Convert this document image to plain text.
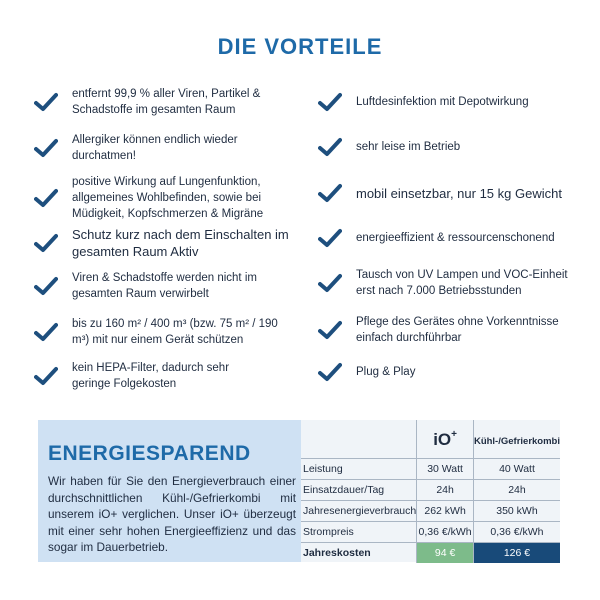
DIE VORTEILE
entfernt 99,9 % aller Viren, Partikel & Schadstoffe im gesamten Raum
Allergiker können endlich wieder durchatmen!
positive Wirkung auf Lungenfunktion, allgemeines Wohlbefinden, sowie bei Müdigkeit, Kopfschmerzen & Migräne
Schutz kurz nach dem Einschalten im gesamten Raum Aktiv
Viren & Schadstoffe werden nicht im gesamten Raum verwirbelt
bis zu 160 m² / 400 m³ (bzw. 75 m² / 190 m³) mit nur einem Gerät schützen
kein HEPA-Filter, dadurch sehr geringe Folgekosten
Luftdesinfektion mit Depotwirkung
sehr leise im Betrieb
mobil einsetzbar, nur 15 kg Gewicht
energieeffizient & ressourcenschonend
Tausch von UV Lampen und VOC-Einheit erst nach 7.000 Betriebsstunden
Pflege des Gerätes ohne Vorkenntnisse einfach durchführbar
Plug & Play
ENERGIESPAREND

Wir haben für Sie den Energieverbrauch einer durchschnittlichen Kühl-/Gefrierkombi mit unserem iO+ verglichen. Unser iO+ überzeugt mit einer sehr hohen Energieeffizienz und das sogar im Dauerbetrieb.

	iO+	Kühl-/Gefrierkombi

Leistung	30 Watt	40 Watt
Einsatzdauer/Tag	24h	24h
Jahresenergieverbrauch	262 kWh	350 kWh
Strompreis	0,36 €/kWh	0,36 €/kWh
Jahreskosten	94 €	126 €
